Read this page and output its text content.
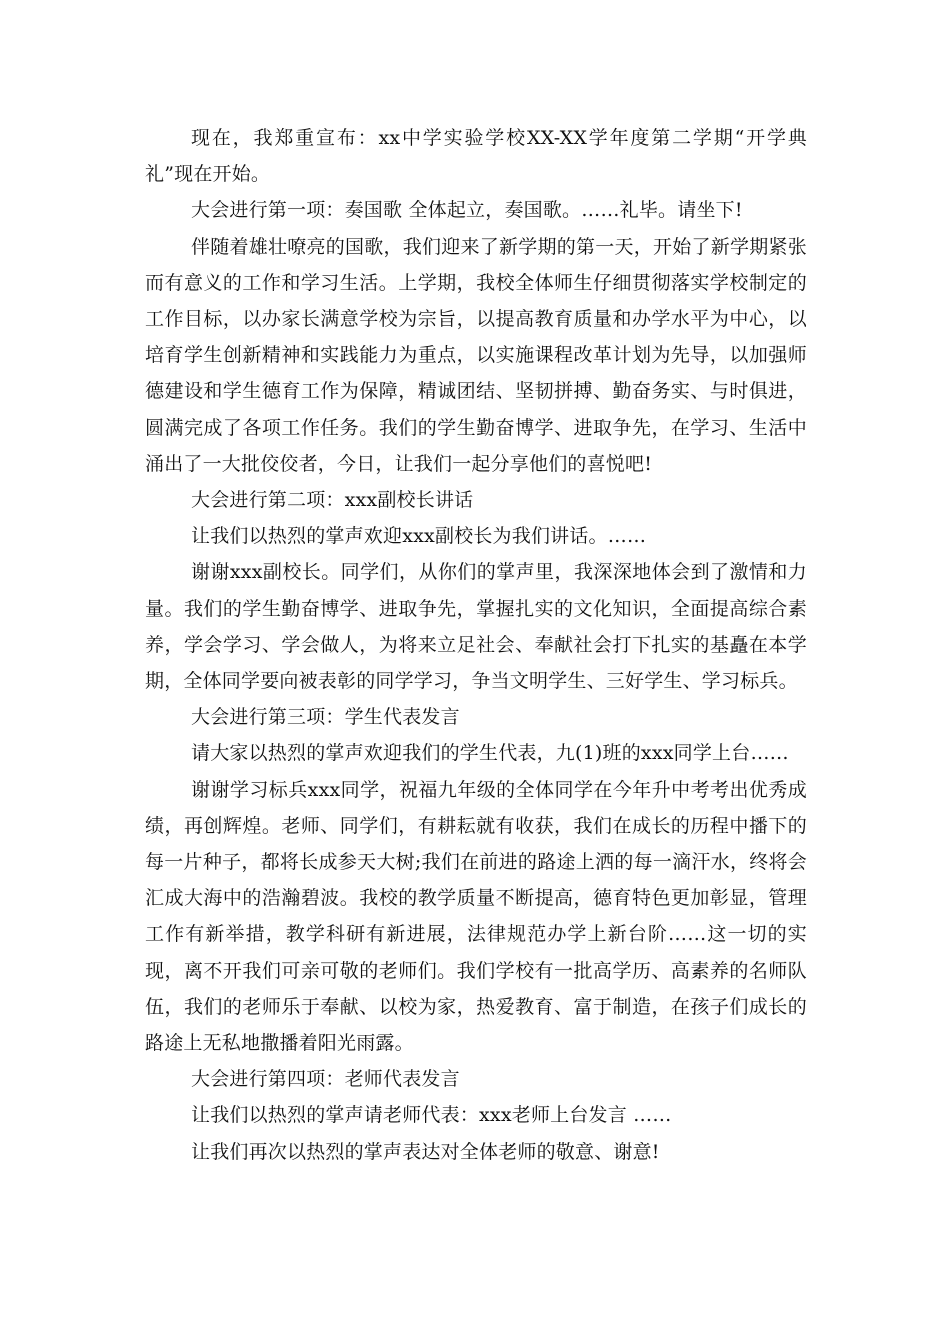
现在，我郑重宣布：xx中学实验学校XX-XX学年度第二学期“开学典礼”现在开始。

大会进行第一项：奏国歌 全体起立，奏国歌。……礼毕。请坐下!

伴随着雄壮嘹亮的国歌，我们迎来了新学期的第一天，开始了新学期紧张而有意义的工作和学习生活。上学期，我校全体师生仔细贯彻落实学校制定的工作目标，以办家长满意学校为宗旨，以提高教育质量和办学水平为中心，以培育学生创新精神和实践能力为重点，以实施课程改革计划为先导，以加强师德建设和学生德育工作为保障，精诚团结、坚韧拼搏、勤奋务实、与时俱进，圆满完成了各项工作任务。我们的学生勤奋博学、进取争先，在学习、生活中涌出了一大批佼佼者，今日，让我们一起分享他们的喜悦吧!

大会进行第二项：xxx副校长讲话

让我们以热烈的掌声欢迎xxx副校长为我们讲话。……

谢谢xxx副校长。同学们，从你们的掌声里，我深深地体会到了激情和力量。我们的学生勤奋博学、进取争先，掌握扎实的文化知识，全面提高综合素养，学会学习、学会做人，为将来立足社会、奉献社会打下扎实的基矗在本学期，全体同学要向被表彰的同学学习，争当文明学生、三好学生、学习标兵。

大会进行第三项：学生代表发言

请大家以热烈的掌声欢迎我们的学生代表，九(1)班的xxx同学上台……

谢谢学习标兵xxx同学，祝福九年级的全体同学在今年升中考考出优秀成绩，再创辉煌。老师、同学们，有耕耘就有收获，我们在成长的历程中播下的每一片种子，都将长成参天大树;我们在前进的路途上洒的每一滴汗水，终将会汇成大海中的浩瀚碧波。我校的教学质量不断提高，德育特色更加彰显，管理工作有新举措，教学科研有新进展，法律规范办学上新台阶……这一切的实现，离不开我们可亲可敬的老师们。我们学校有一批高学历、高素养的名师队伍，我们的老师乐于奉献、以校为家，热爱教育、富于制造，在孩子们成长的路途上无私地撒播着阳光雨露。

大会进行第四项：老师代表发言

让我们以热烈的掌声请老师代表：xxx老师上台发言 ……

让我们再次以热烈的掌声表达对全体老师的敬意、谢意!
